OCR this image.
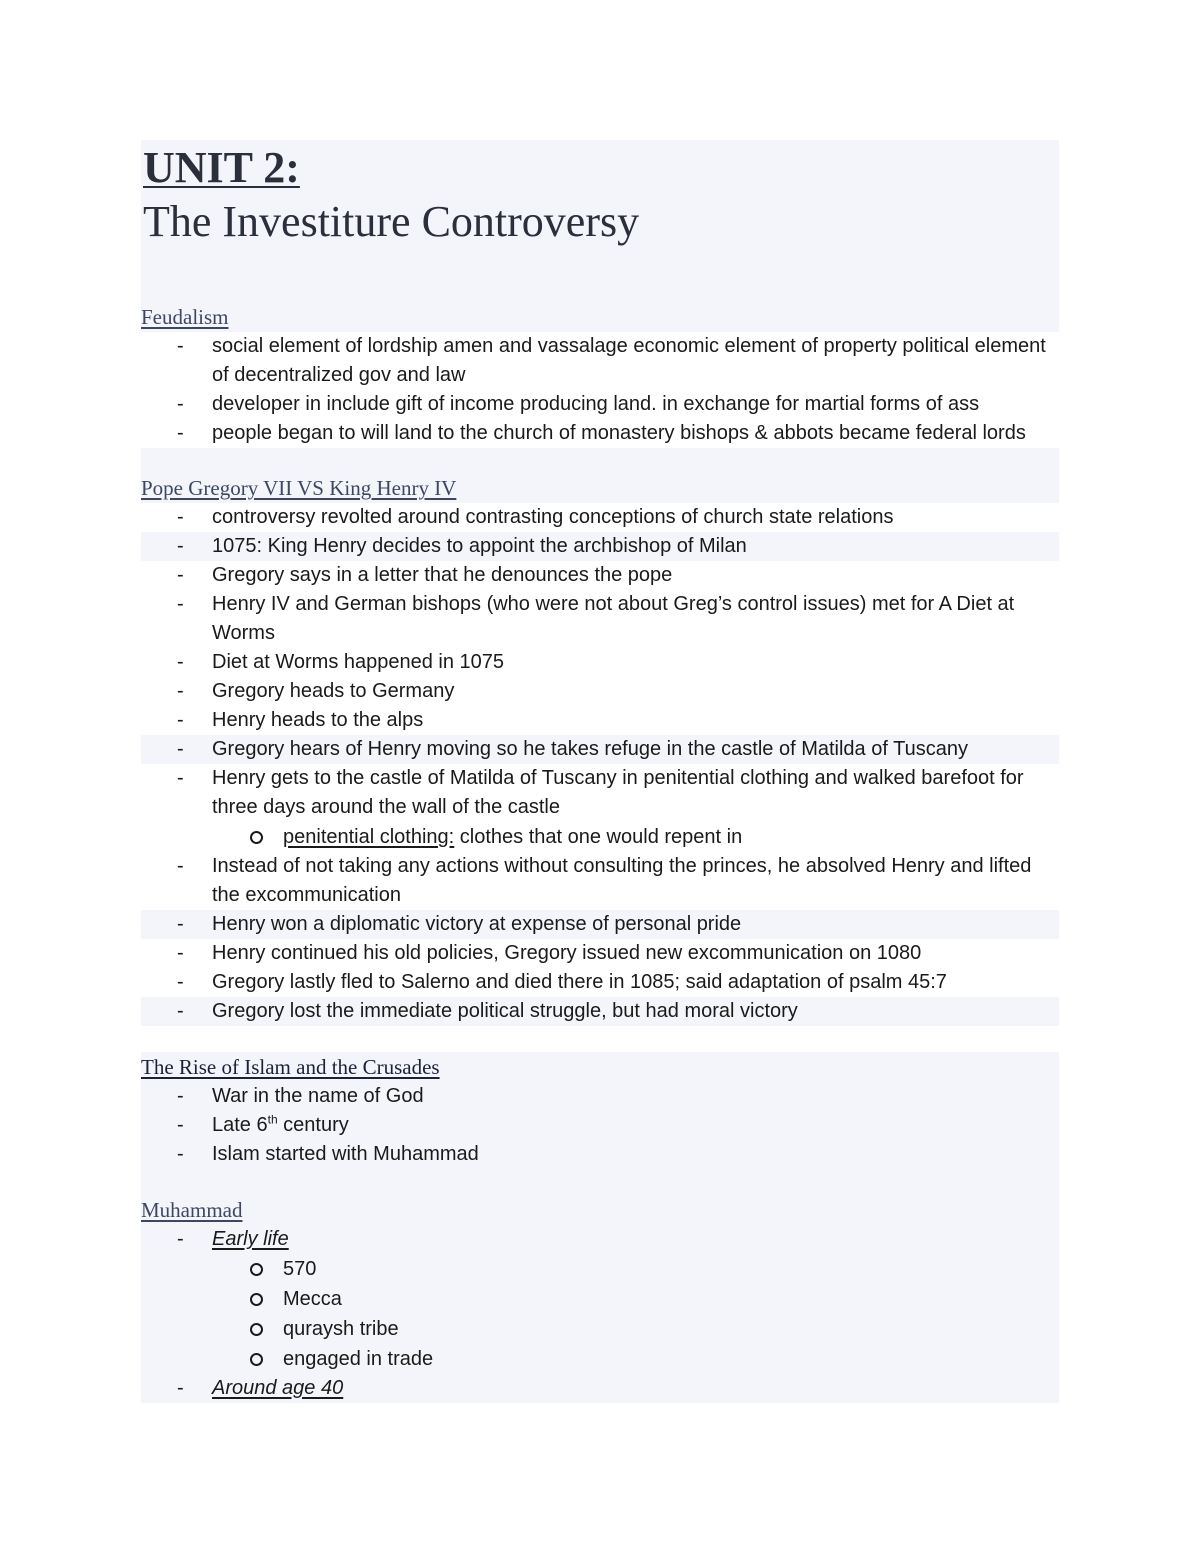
UNIT 2:
The Investiture Controversy
Feudalism
- social element of lordship amen and vassalage economic element of property political element of decentralized gov and law
- developer in include gift of income producing land. in exchange for martial forms of ass
- people began to will land to the church of monastery bishops & abbots became federal lords
Pope Gregory VII VS King Henry IV
- controversy revolted around contrasting conceptions of church state relations
- 1075: King Henry decides to appoint the archbishop of Milan
- Gregory says in a letter that he denounces the pope
- Henry IV and German bishops (who were not about Greg’s control issues) met for A Diet at Worms
- Diet at Worms happened in 1075
- Gregory heads to Germany
- Henry heads to the alps
- Gregory hears of Henry moving so he takes refuge in the castle of Matilda of Tuscany
- Henry gets to the castle of Matilda of Tuscany in penitential clothing and walked barefoot for three days around the wall of the castle
penitential clothing: clothes that one would repent in
- Instead of not taking any actions without consulting the princes, he absolved Henry and lifted the excommunication
- Henry won a diplomatic victory at expense of personal pride
- Henry continued his old policies, Gregory issued new excommunication on 1080
- Gregory lastly fled to Salerno and died there in 1085; said adaptation of psalm 45:7
- Gregory lost the immediate political struggle, but had moral victory
The Rise of Islam and the Crusades
- War in the name of God
- Late 6th century
- Islam started with Muhammad
Muhammad
- Early life
570
Mecca
quraysh tribe
engaged in trade
- Around age 40
